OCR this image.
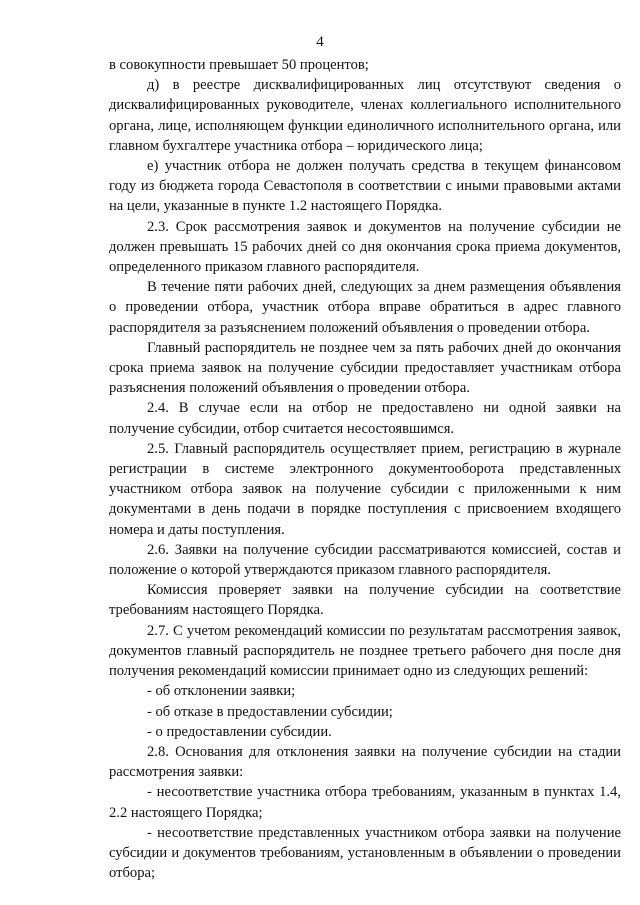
4

в совокупности превышает 50 процентов;

д) в реестре дисквалифицированных лиц отсутствуют сведения о дисквалифицированных руководителе, членах коллегиального исполнительного органа, лице, исполняющем функции единоличного исполнительного органа, или главном бухгалтере участника отбора – юридического лица;

е) участник отбора не должен получать средства в текущем финансовом году из бюджета города Севастополя в соответствии с иными правовыми актами на цели, указанные в пункте 1.2 настоящего Порядка.

2.3. Срок рассмотрения заявок и документов на получение субсидии не должен превышать 15 рабочих дней со дня окончания срока приема документов, определенного приказом главного распорядителя.

В течение пяти рабочих дней, следующих за днем размещения объявления о проведении отбора, участник отбора вправе обратиться в адрес главного распорядителя за разъяснением положений объявления о проведении отбора.

Главный распорядитель не позднее чем за пять рабочих дней до окончания срока приема заявок на получение субсидии предоставляет участникам отбора разъяснения положений объявления о проведении отбора.

2.4. В случае если на отбор не предоставлено ни одной заявки на получение субсидии, отбор считается несостоявшимся.

2.5. Главный распорядитель осуществляет прием, регистрацию в журнале регистрации в системе электронного документооборота представленных участником отбора заявок на получение субсидии с приложенными к ним документами в день подачи в порядке поступления с присвоением входящего номера и даты поступления.

2.6. Заявки на получение субсидии рассматриваются комиссией, состав и положение о которой утверждаются приказом главного распорядителя.

Комиссия проверяет заявки на получение субсидии на соответствие требованиям настоящего Порядка.

2.7. С учетом рекомендаций комиссии по результатам рассмотрения заявок, документов главный распорядитель не позднее третьего рабочего дня после дня получения рекомендаций комиссии принимает одно из следующих решений:

- об отклонении заявки;

- об отказе в предоставлении субсидии;

- о предоставлении субсидии.

2.8. Основания для отклонения заявки на получение субсидии на стадии рассмотрения заявки:

- несоответствие участника отбора требованиям, указанным в пунктах 1.4, 2.2 настоящего Порядка;

- несоответствие представленных участником отбора заявки на получение субсидии и документов требованиям, установленным в объявлении о проведении отбора;
